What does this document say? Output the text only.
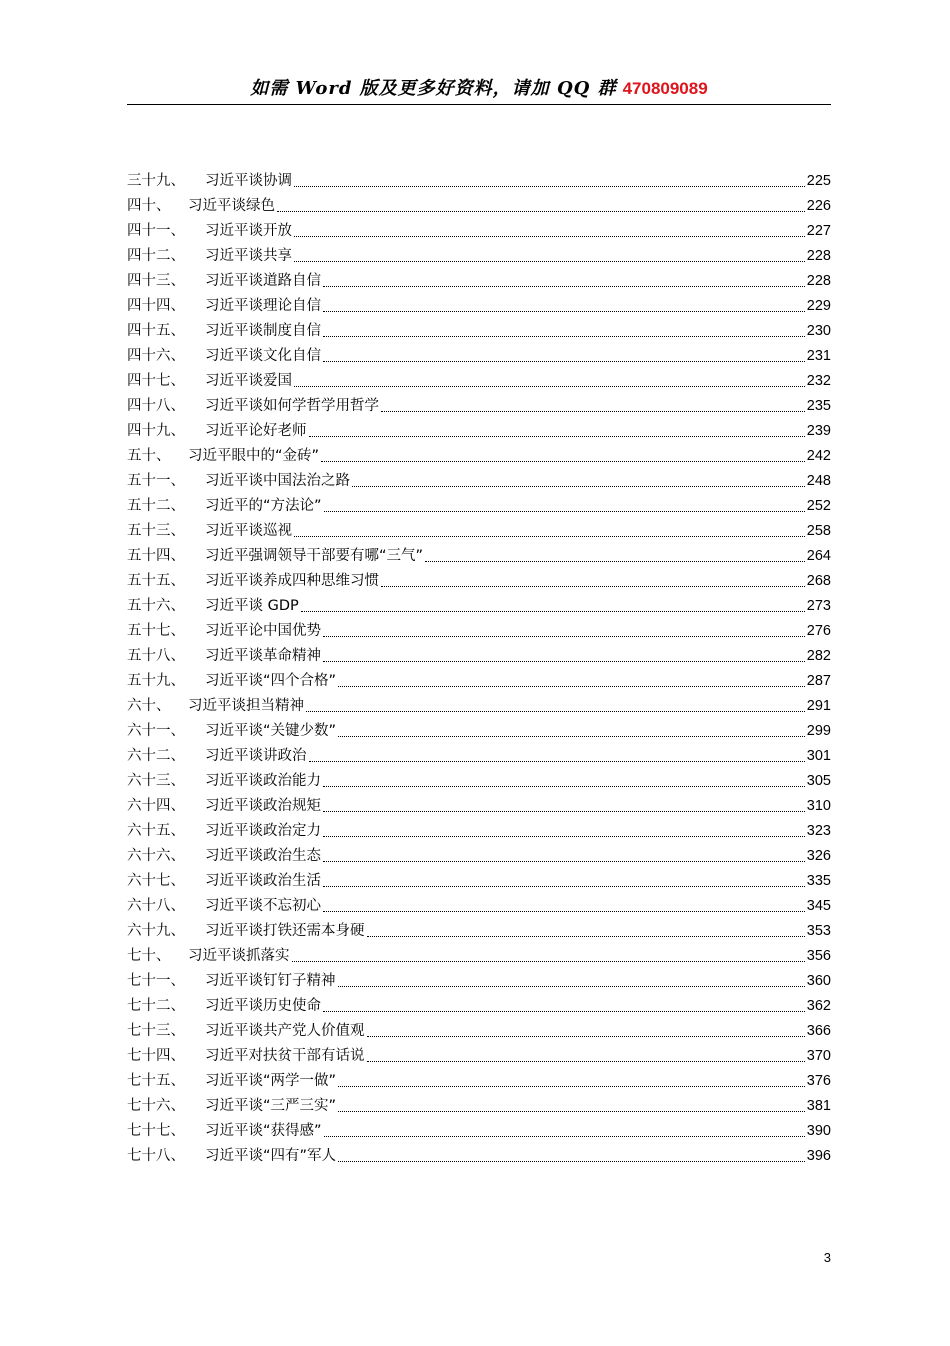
如需 Word 版及更多好资料，请加 QQ 群 470809089
三十九、	习近平谈协调	225
四十、	习近平谈绿色	226
四十一、	习近平谈开放	227
四十二、	习近平谈共享	228
四十三、	习近平谈道路自信	228
四十四、	习近平谈理论自信	229
四十五、	习近平谈制度自信	230
四十六、	习近平谈文化自信	231
四十七、	习近平谈爱国	232
四十八、	习近平谈如何学哲学用哲学	235
四十九、	习近平论好老师	239
五十、	习近平眼中的“金砖”	242
五十一、	习近平谈中国法治之路	248
五十二、	习近平的“方法论”	252
五十三、	习近平谈巡视	258
五十四、	习近平强调领导干部要有哪“三气”	264
五十五、	习近平谈养成四种思维习惯	268
五十六、	习近平谈 GDP	273
五十七、	习近平论中国优势	276
五十八、	习近平谈革命精神	282
五十九、	习近平谈“四个合格”	287
六十、	习近平谈担当精神	291
六十一、	习近平谈“关键少数”	299
六十二、	习近平谈讲政治	301
六十三、	习近平谈政治能力	305
六十四、	习近平谈政治规矩	310
六十五、	习近平谈政治定力	323
六十六、	习近平谈政治生态	326
六十七、	习近平谈政治生活	335
六十八、	习近平谈不忘初心	345
六十九、	习近平谈打铁还需本身硬	353
七十、	习近平谈抓落实	356
七十一、	习近平谈钉钉子精神	360
七十二、	习近平谈历史使命	362
七十三、	习近平谈共产党人价值观	366
七十四、	习近平对扶贫干部有话说	370
七十五、	习近平谈“两学一做”	376
七十六、	习近平谈“三严三实”	381
七十七、	习近平谈“获得感”	390
七十八、	习近平谈“四有”军人	396
3
